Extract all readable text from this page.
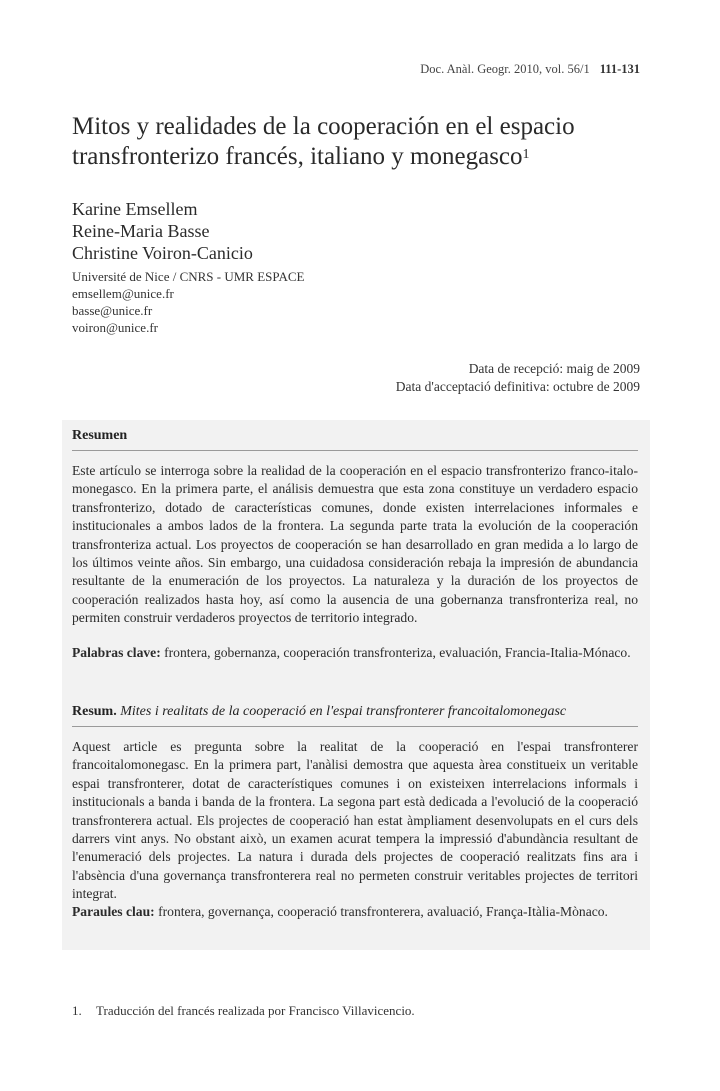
Doc. Anàl. Geogr. 2010, vol. 56/1 111-131
Mitos y realidades de la cooperación en el espacio
transfronterizo francés, italiano y monegasco$^1$
Karine Emsellem
Reine-Maria Basse
Christine Voiron-Canicio
Université de Nice / CNRS - UMR ESPACE
emsellem@unice.fr
basse@unice.fr
voiron@unice.fr
Data de recepció: maig de 2009
Data d'acceptació definitiva: octubre de 2009
Resumen

Este artículo se interroga sobre la realidad de la cooperación en el espacio transfronterizo franco-italo-monegasco. En la primera parte, el análisis demuestra que esta zona constituye un verdadero espacio transfronterizo, dotado de características comunes, donde existen interrelaciones informales e institucionales a ambos lados de la frontera. La segunda parte trata la evolución de la cooperación transfronteriza actual. Los proyectos de cooperación se han desarrollado en gran medida a lo largo de los últimos veinte años. Sin embargo, una cuidadosa consideración rebaja la impresión de abundancia resultante de la enumeración de los proyectos. La naturaleza y la duración de los proyectos de cooperación realizados hasta hoy, así como la ausencia de una gobernanza transfronteriza real, no permiten construir verdaderos proyectos de territorio integrado.

Palabras clave: frontera, gobernanza, cooperación transfronteriza, evaluación, Francia-Italia-Mónaco.
Resum. Mites i realitats de la cooperació en l'espai transfronterer francoitalomonegasc

Aquest article es pregunta sobre la realitat de la cooperació en l'espai transfronterer francoitalomonegasc. En la primera part, l'anàlisi demostra que aquesta àrea constitueix un veritable espai transfronterer, dotat de característiques comunes i on existeixen interrelacions informals i institucionals a banda i banda de la frontera. La segona part està dedicada a l'evolució de la cooperació transfronterera actual. Els projectes de cooperació han estat àmpliament desenvolupats en el curs dels darrers vint anys. No obstant això, un examen acurat tempera la impressió d'abundància resultant de l'enumeració dels projectes. La natura i durada dels projectes de cooperació realitzats fins ara i l'absència d'una governança transfronterera real no permeten construir veritables projectes de territori integrat.

Paraules clau: frontera, governança, cooperació transfronterera, avaluació, França-Itàlia-Mònaco.
1. Traducción del francés realizada por Francisco Villavicencio.
